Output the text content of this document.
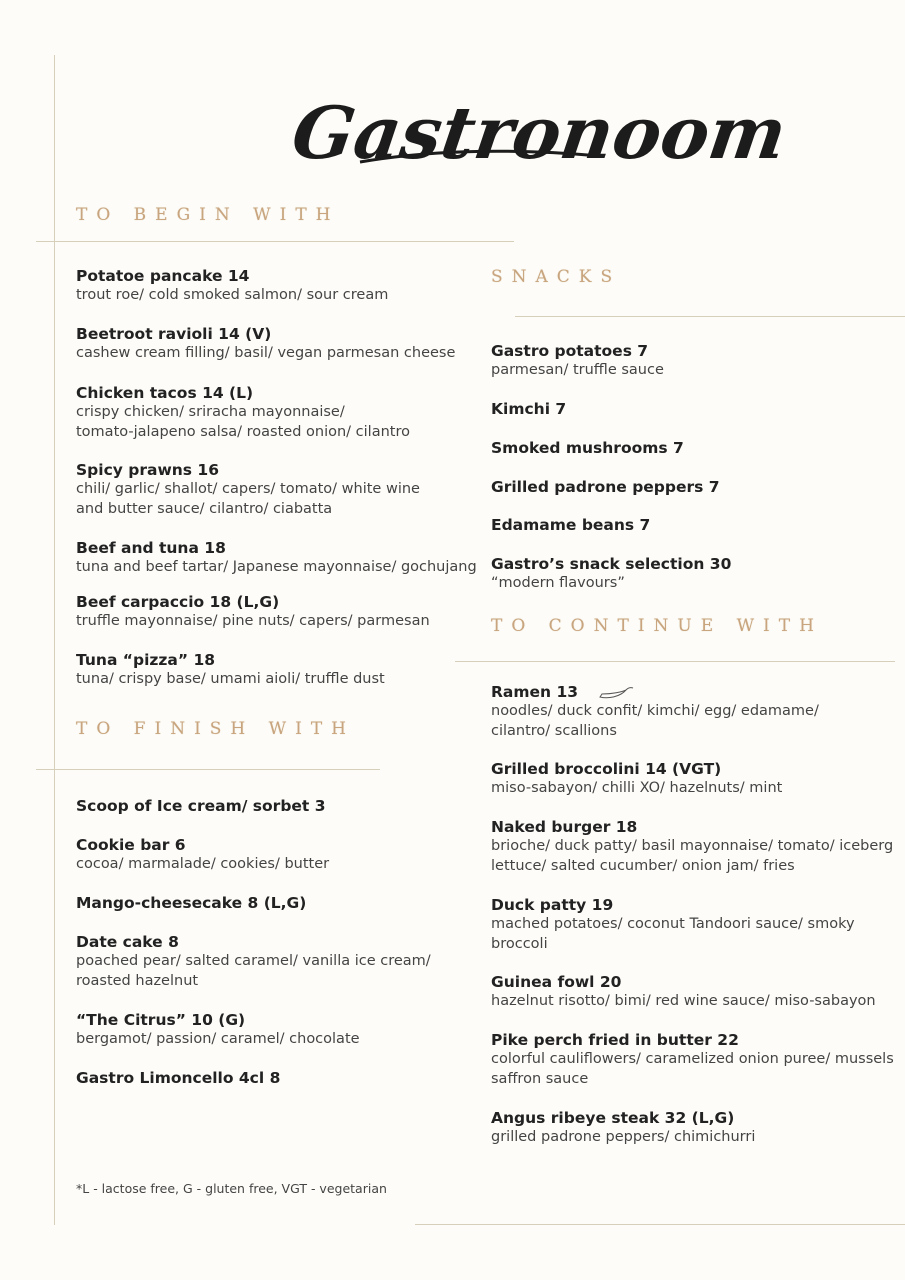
Gastronoom
TO BEGIN WITH
SNACKS
TO CONTINUE WITH
TO FINISH WITH
Potatoe pancake 14
trout roe/ cold smoked salmon/ sour cream
Beetroot ravioli 14 (V)
cashew cream filling/ basil/ vegan parmesan cheese
Chicken tacos 14 (L)
crispy chicken/ sriracha mayonnaise/
tomato-jalapeno salsa/ roasted onion/ cilantro
Spicy prawns 16
chili/ garlic/ shallot/ capers/ tomato/ white wine
and butter sauce/ cilantro/ ciabatta
Beef and tuna 18
tuna and beef tartar/ Japanese mayonnaise/ gochujang
Beef carpaccio 18 (L,G)
truffle mayonnaise/ pine nuts/ capers/ parmesan
Tuna “pizza” 18
tuna/ crispy base/ umami aioli/ truffle dust
Scoop of Ice cream/ sorbet 3
Cookie bar 6
cocoa/ marmalade/ cookies/ butter
Mango-cheesecake 8 (L,G)
Date cake 8
poached pear/ salted caramel/ vanilla ice cream/
roasted hazelnut
“The Citrus” 10 (G)
bergamot/ passion/ caramel/ chocolate
Gastro Limoncello 4cl 8
Gastro potatoes 7
parmesan/ truffle sauce
Kimchi 7
Smoked mushrooms 7
Grilled padrone peppers 7
Edamame beans 7
Gastro’s snack selection 30
“modern flavours”
Ramen 13
noodles/ duck confit/ kimchi/ egg/ edamame/
cilantro/ scallions
Grilled broccolini 14 (VGT)
miso-sabayon/ chilli XO/ hazelnuts/ mint
Naked burger 18
brioche/ duck patty/ basil mayonnaise/ tomato/ iceberg
lettuce/ salted cucumber/ onion jam/ fries
Duck patty 19
mached potatoes/ coconut Tandoori sauce/ smoky
broccoli
Guinea fowl 20
hazelnut risotto/ bimi/ red wine sauce/ miso-sabayon
Pike perch fried in butter 22
colorful cauliflowers/ caramelized onion puree/ mussels
saffron sauce
Angus ribeye steak 32 (L,G)
grilled padrone peppers/ chimichurri
*L - lactose free, G - gluten free, VGT - vegetarian
